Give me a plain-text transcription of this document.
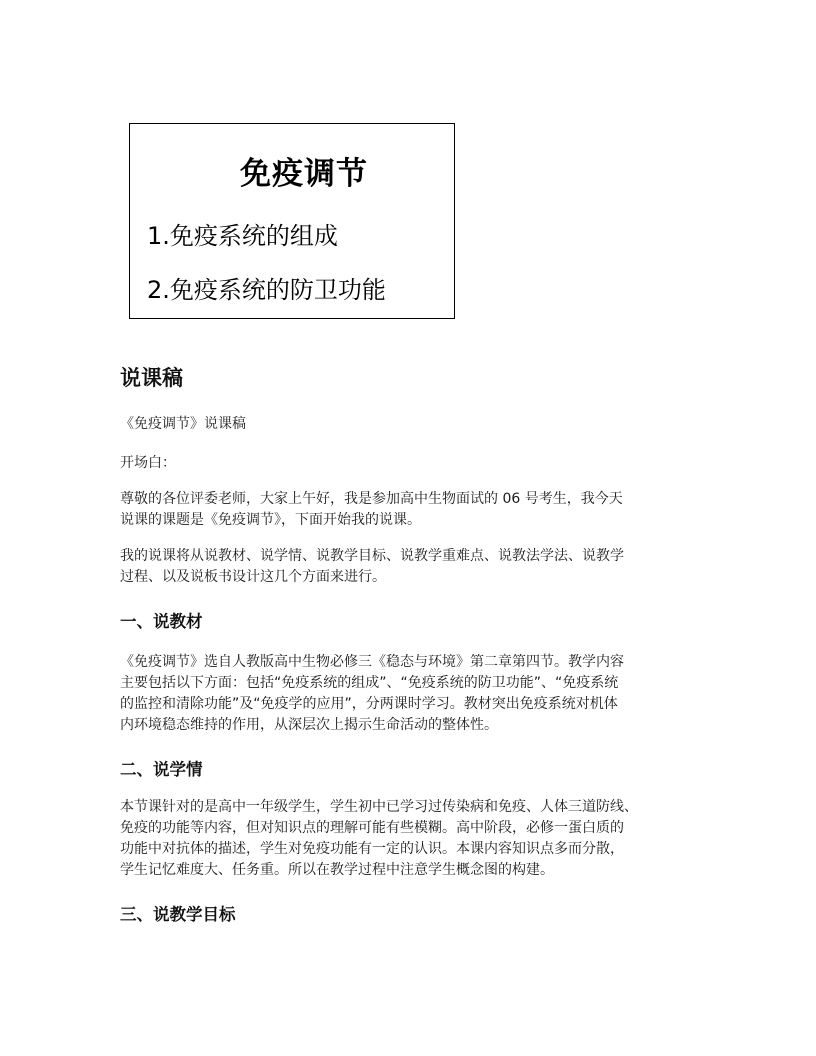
免疫调节
1.免疫系统的组成
2.免疫系统的防卫功能
说课稿

《免疫调节》说课稿

开场白：

尊敬的各位评委老师，大家上午好，我是参加高中生物面试的 06 号考生，我今天
说课的课题是《免疫调节》，下面开始我的说课。

我的说课将从说教材、说学情、说教学目标、说教学重难点、说教法学法、说教学
过程、以及说板书设计这几个方面来进行。

一、说教材

《免疫调节》选自人教版高中生物必修三《稳态与环境》第二章第四节。教学内容
主要包括以下方面：包括“免疫系统的组成”、“免疫系统的防卫功能”、“免疫系统
的监控和清除功能”及“免疫学的应用”，分两课时学习。教材突出免疫系统对机体
内环境稳态维持的作用，从深层次上揭示生命活动的整体性。

二、说学情

本节课针对的是高中一年级学生，学生初中已学习过传染病和免疫、人体三道防线、
免疫的功能等内容，但对知识点的理解可能有些模糊。高中阶段，必修一蛋白质的
功能中对抗体的描述，学生对免疫功能有一定的认识。本课内容知识点多而分散，
学生记忆难度大、任务重。所以在教学过程中注意学生概念图的构建。

三、说教学目标
